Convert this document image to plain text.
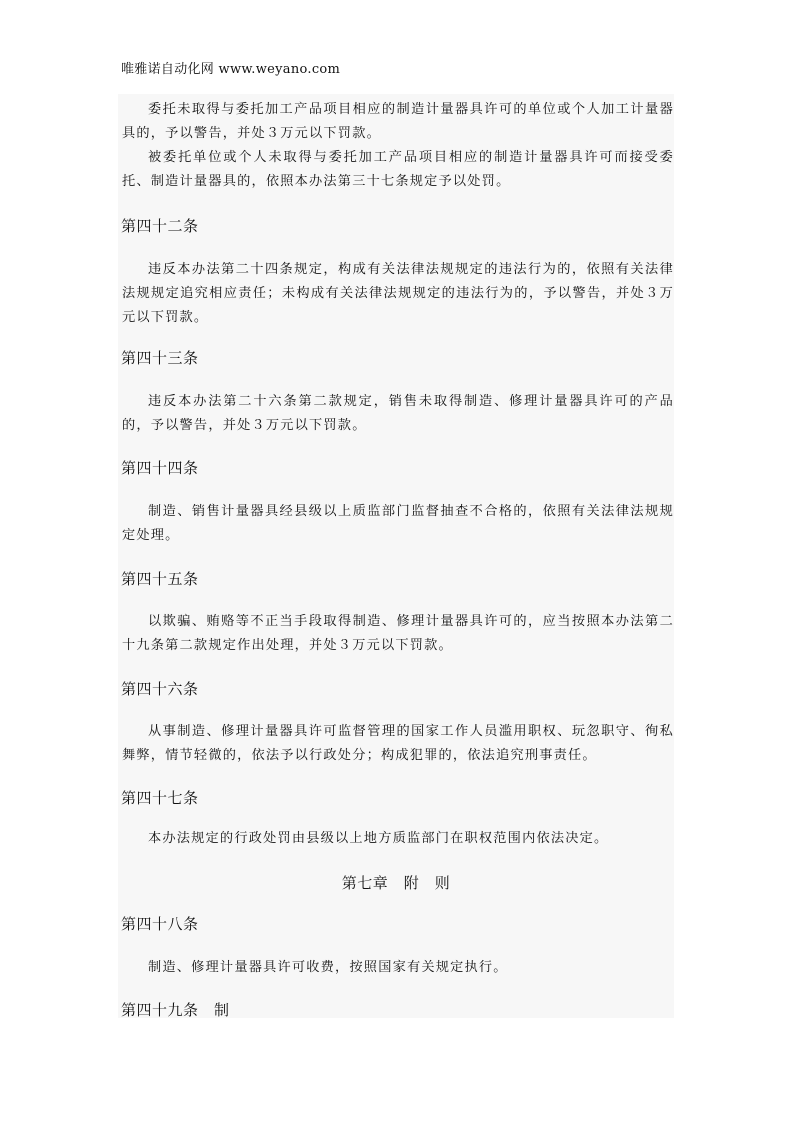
唯雅诺自动化网 www.weyano.com
委托未取得与委托加工产品项目相应的制造计量器具许可的单位或个人加工计量器具的，予以警告，并处３万元以下罚款。
被委托单位或个人未取得与委托加工产品项目相应的制造计量器具许可而接受委托、制造计量器具的，依照本办法第三十七条规定予以处罚。
第四十二条
违反本办法第二十四条规定，构成有关法律法规规定的违法行为的，依照有关法律法规规定追究相应责任；未构成有关法律法规规定的违法行为的，予以警告，并处３万元以下罚款。
第四十三条
违反本办法第二十六条第二款规定，销售未取得制造、修理计量器具许可的产品的，予以警告，并处３万元以下罚款。
第四十四条
制造、销售计量器具经县级以上质监部门监督抽查不合格的，依照有关法律法规规定处理。
第四十五条
以欺骗、贿赂等不正当手段取得制造、修理计量器具许可的，应当按照本办法第二十九条第二款规定作出处理，并处３万元以下罚款。
第四十六条
从事制造、修理计量器具许可监督管理的国家工作人员滥用职权、玩忽职守、徇私舞弊，情节轻微的，依法予以行政处分；构成犯罪的，依法追究刑事责任。
第四十七条
本办法规定的行政处罚由县级以上地方质监部门在职权范围内依法决定。
第七章　附　则
第四十八条
制造、修理计量器具许可收费，按照国家有关规定执行。
第四十九条　制
